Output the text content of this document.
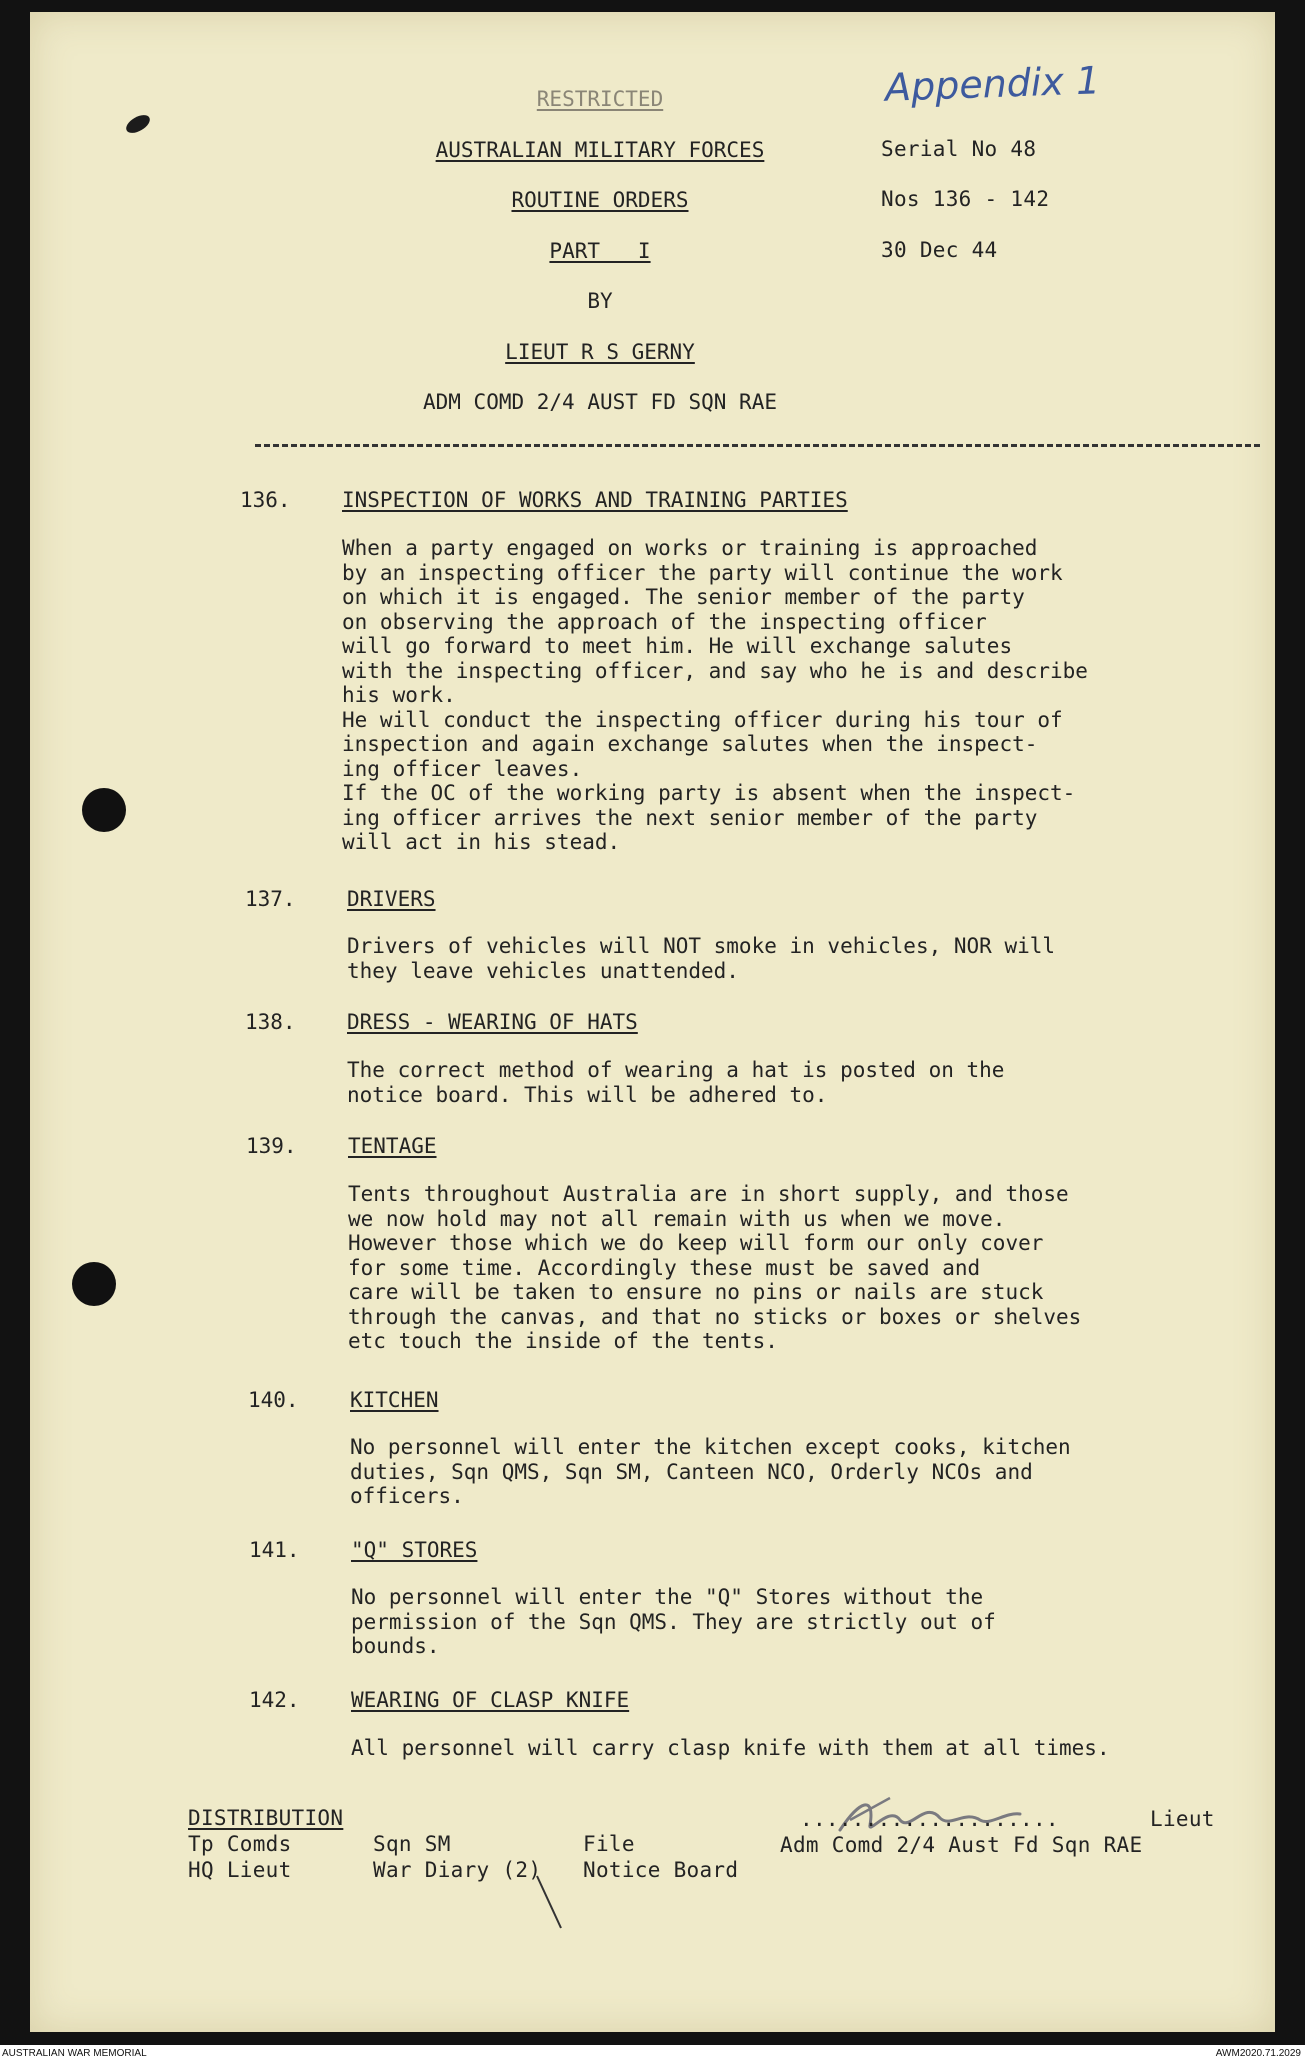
RESTRICTED
AUSTRALIAN MILITARY FORCES
ROUTINE ORDERS
PART   I
BY
LIEUT R S GERNY
ADM COMD 2/4 AUST FD SQN RAE
Appendix 1
Serial No 48
Nos 136 - 142
30 Dec 44
136. INSPECTION OF WORKS AND TRAINING PARTIES
When a party engaged on works or training is approached
by an inspecting officer the party will continue the work
on which it is engaged. The senior member of the party
on observing the approach of the inspecting officer
will go forward to meet him. He will exchange salutes
with the inspecting officer, and say who he is and describe
his work.
He will conduct the inspecting officer during his tour of
inspection and again exchange salutes when the inspect-
ing officer leaves.
If the OC of the working party is absent when the inspect-
ing officer arrives the next senior member of the party
will act in his stead.
137. DRIVERS
Drivers of vehicles will NOT smoke in vehicles, NOR will
they leave vehicles unattended.
138. DRESS - WEARING OF HATS
The correct method of wearing a hat is posted on the
notice board. This will be adhered to.
139. TENTAGE
Tents throughout Australia are in short supply, and those
we now hold may not all remain with us when we move.
However those which we do keep will form our only cover
for some time. Accordingly these must be saved and
care will be taken to ensure no pins or nails are stuck
through the canvas, and that no sticks or boxes or shelves
etc touch the inside of the tents.
140. KITCHEN
No personnel will enter the kitchen except cooks, kitchen
duties, Sqn QMS, Sqn SM, Canteen NCO, Orderly NCOs and
officers.
141. "Q" STORES
No personnel will enter the "Q" Stores without the
permission of the Sqn QMS. They are strictly out of
bounds.
142. WEARING OF CLASP KNIFE
All personnel will carry clasp knife with them at all times.
DISTRIBUTION
Tp Comds
HQ Lieut
Sqn SM
War Diary (2)
File
Notice Board
....................	Lieut
Adm Comd 2/4 Aust Fd Sqn RAE
AUSTRALIAN WAR MEMORIAL	AWM2020.71.2029
